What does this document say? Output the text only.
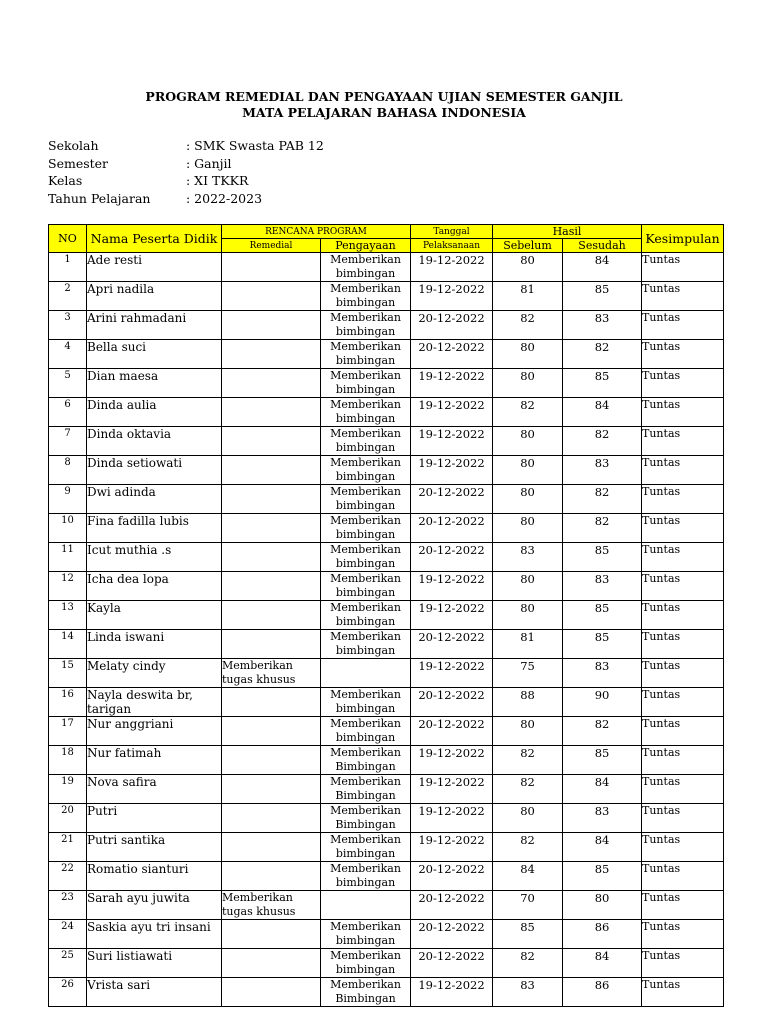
PROGRAM REMEDIAL DAN PENGAYAAN UJIAN SEMESTER GANJIL
MATA PELAJARAN BAHASA INDONESIA
Sekolah	: SMK Swasta PAB 12
Semester	: Ganjil
Kelas	: XI TKKR
Tahun Pelajaran	: 2022-2023
NO	Nama Peserta Didik	RENCANA PROGRAM		Tanggal	Hasil		Kesimpulan
		Remedial	Pengayaan	Pelaksanaan	Sebelum	Sesudah	
1	Ade resti		Memberikan bimbingan	19-12-2022	80	84	Tuntas
2	Apri nadila		Memberikan bimbingan	19-12-2022	81	85	Tuntas
3	Arini rahmadani		Memberikan bimbingan	20-12-2022	82	83	Tuntas
4	Bella suci		Memberikan bimbingan	20-12-2022	80	82	Tuntas
5	Dian maesa		Memberikan bimbingan	19-12-2022	80	85	Tuntas
6	Dinda aulia		Memberikan bimbingan	19-12-2022	82	84	Tuntas
7	Dinda oktavia		Memberikan bimbingan	19-12-2022	80	82	Tuntas
8	Dinda setiowati		Memberikan bimbingan	19-12-2022	80	83	Tuntas
9	Dwi adinda		Memberikan bimbingan	20-12-2022	80	82	Tuntas
10	Fina fadilla lubis		Memberikan bimbingan	20-12-2022	80	82	Tuntas
11	Icut muthia .s		Memberikan bimbingan	20-12-2022	83	85	Tuntas
12	Icha dea lopa		Memberikan bimbingan	19-12-2022	80	83	Tuntas
13	Kayla		Memberikan bimbingan	19-12-2022	80	85	Tuntas
14	Linda iswani		Memberikan bimbingan	20-12-2022	81	85	Tuntas
15	Melaty cindy	Memberikan tugas khusus		19-12-2022	75	83	Tuntas
16	Nayla deswita br, tarigan		Memberikan bimbingan	20-12-2022	88	90	Tuntas
17	Nur anggriani		Memberikan bimbingan	20-12-2022	80	82	Tuntas
18	Nur fatimah		Memberikan Bimbingan	19-12-2022	82	85	Tuntas
19	Nova safira		Memberikan Bimbingan	19-12-2022	82	84	Tuntas
20	Putri		Memberikan Bimbingan	19-12-2022	80	83	Tuntas
21	Putri santika		Memberikan bimbingan	19-12-2022	82	84	Tuntas
22	Romatio sianturi		Memberikan bimbingan	20-12-2022	84	85	Tuntas
23	Sarah ayu juwita	Memberikan tugas khusus		20-12-2022	70	80	Tuntas
24	Saskia ayu tri insani		Memberikan bimbingan	20-12-2022	85	86	Tuntas
25	Suri listiawati		Memberikan bimbingan	20-12-2022	82	84	Tuntas
26	Vrista sari		Memberikan Bimbingan	19-12-2022	83	86	Tuntas
